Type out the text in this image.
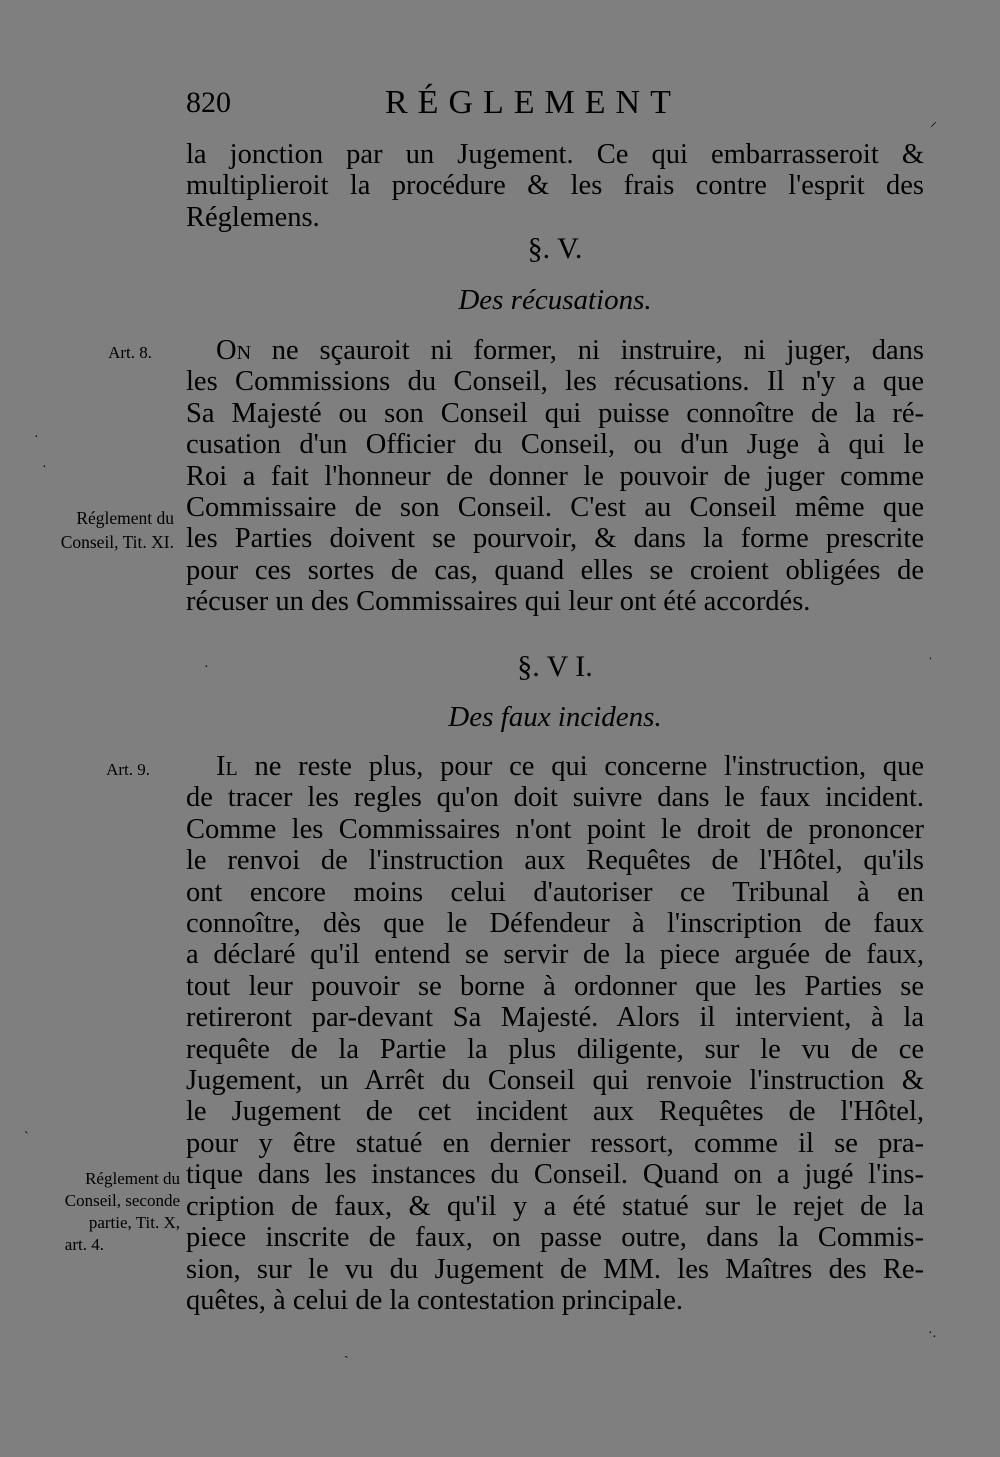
820	RÉGLEMENT
la jonction par un Jugement. Ce qui embarrasseroit &
multiplieroit la procédure & les frais contre l'esprit des
Réglemens.
§. V.
Des récusations.
On ne sçauroit ni former, ni instruire, ni juger, dans
les Commissions du Conseil, les récusations. Il n'y a que
Sa Majesté ou son Conseil qui puisse connoître de la ré-
cusation d'un Officier du Conseil, ou d'un Juge à qui le
Roi a fait l'honneur de donner le pouvoir de juger comme
Commissaire de son Conseil. C'est au Conseil même que
les Parties doivent se pourvoir, & dans la forme prescrite
pour ces sortes de cas, quand elles se croient obligées de
récuser un des Commissaires qui leur ont été accordés.
§. V I.
Des faux incidens.
Il ne reste plus, pour ce qui concerne l'instruction, que
de tracer les regles qu'on doit suivre dans le faux incident.
Comme les Commissaires n'ont point le droit de prononcer
le renvoi de l'instruction aux Requêtes de l'Hôtel, qu'ils
ont encore moins celui d'autoriser ce Tribunal à en
connoître, dès que le Défendeur à l'inscription de faux
a déclaré qu'il entend se servir de la piece arguée de faux,
tout leur pouvoir se borne à ordonner que les Parties se
retireront par-devant Sa Majesté. Alors il intervient, à la
requête de la Partie la plus diligente, sur le vu de ce
Jugement, un Arrêt du Conseil qui renvoie l'instruction &
le Jugement de cet incident aux Requêtes de l'Hôtel,
pour y être statué en dernier ressort, comme il se pra-
tique dans les instances du Conseil. Quand on a jugé l'ins-
cription de faux, & qu'il y a été statué sur le rejet de la
piece inscrite de faux, on passe outre, dans la Commis-
sion, sur le vu du Jugement de MM. les Maîtres des Re-
quêtes, à celui de la contestation principale.
Art. 8.
Réglement du
Conseil, Tit. XI.
Art. 9.
Réglement du
Conseil, seconde
partie, Tit. X,
art. 4.
⸝
·
·
·	ˈ
ˋ
ˎ
·.
